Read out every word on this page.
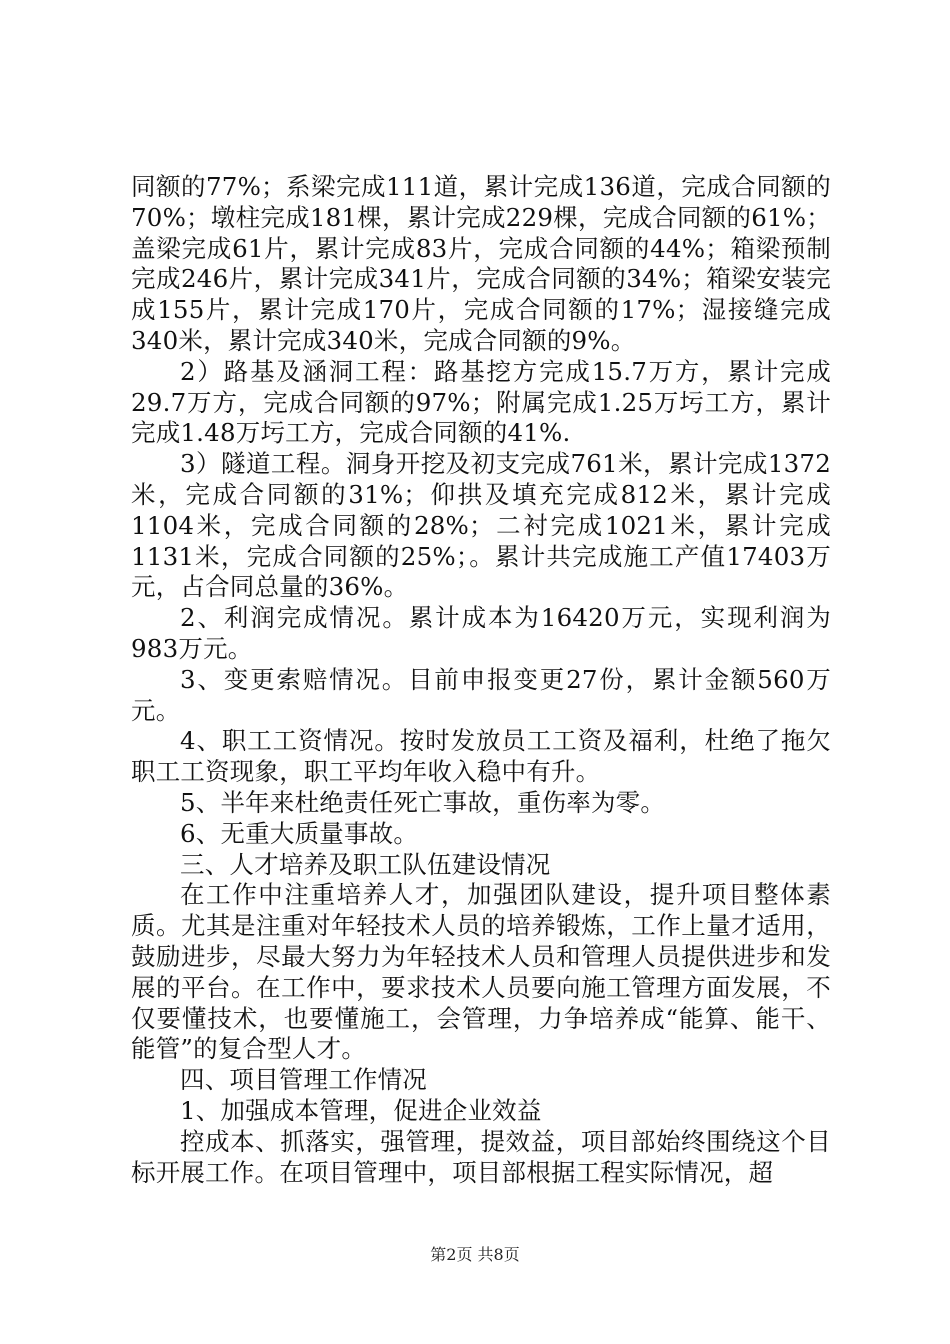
同额的77%；系梁完成111道，累计完成136道，完成合同额的70%；墩柱完成181棵，累计完成229棵，完成合同额的61%；盖梁完成61片，累计完成83片，完成合同额的44%；箱梁预制完成246片，累计完成341片，完成合同额的34%；箱梁安装完成155片，累计完成170片，完成合同额的17%；湿接缝完成340米，累计完成340米，完成合同额的9%。

2）路基及涵洞工程：路基挖方完成15.7万方，累计完成29.7万方，完成合同额的97%；附属完成1.25万圬工方，累计完成1.48万圬工方，完成合同额的41%.

3）隧道工程。洞身开挖及初支完成761米，累计完成1372米，完成合同额的31%；仰拱及填充完成812米，累计完成1104米，完成合同额的28%；二衬完成1021米，累计完成1131米，完成合同额的25%；。累计共完成施工产值17403万元，占合同总量的36%。

2、利润完成情况。累计成本为16420万元，实现利润为983万元。

3、变更索赔情况。目前申报变更27份，累计金额560万元。

4、职工工资情况。按时发放员工工资及福利，杜绝了拖欠职工工资现象，职工平均年收入稳中有升。

5、半年来杜绝责任死亡事故，重伤率为零。

6、无重大质量事故。

三、人才培养及职工队伍建设情况

在工作中注重培养人才，加强团队建设，提升项目整体素质。尤其是注重对年轻技术人员的培养锻炼，工作上量才适用，鼓励进步，尽最大努力为年轻技术人员和管理人员提供进步和发展的平台。在工作中，要求技术人员要向施工管理方面发展，不仅要懂技术，也要懂施工，会管理，力争培养成“能算、能干、能管”的复合型人才。

四、项目管理工作情况

1、加强成本管理，促进企业效益

控成本、抓落实，强管理，提效益，项目部始终围绕这个目标开展工作。在项目管理中，项目部根据工程实际情况，超

第2页 共8页
